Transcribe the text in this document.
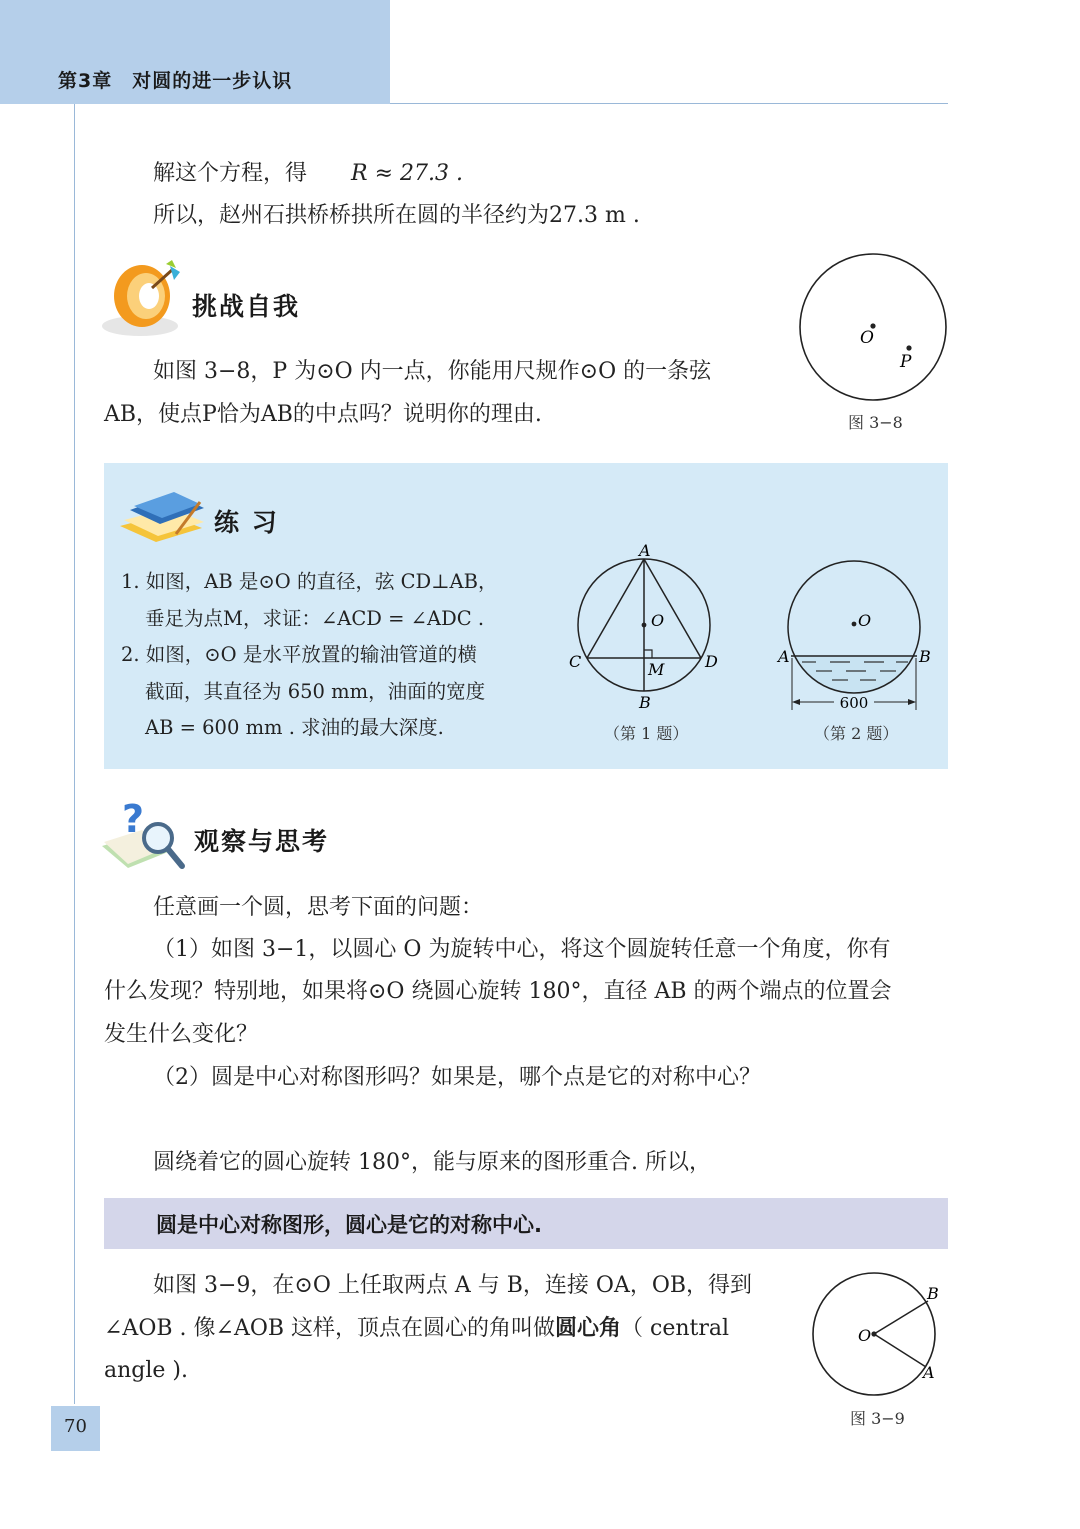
第3章　对圆的进一步认识
解这个方程，得 R ≈ 27.3 .
所以，赵州石拱桥桥拱所在圆的半径约为27.3 m .
挑战自我
如图 3−8，P 为⊙O 内一点，你能用尺规作⊙O 的一条弦
AB，使点P恰为AB的中点吗？说明你的理由.
O
P
图 3−8
练 习
1. 如图，AB 是⊙O 的直径，弦 CD⊥AB，
垂足为点M，求证：∠ACD = ∠ADC .
2. 如图，⊙O 是水平放置的输油管道的横
截面，其直径为 650 mm，油面的宽度
AB = 600 mm . 求油的最大深度.
A
B
C	D
O
M
（第 1 题）
O
A	B
600
（第 2 题）
?
观察与思考
任意画一个圆，思考下面的问题：
（1）如图 3−1，以圆心 O 为旋转中心，将这个圆旋转任意一个角度，你有
什么发现？特别地，如果将⊙O 绕圆心旋转 180°，直径 AB 的两个端点的位置会
发生什么变化？
（2）圆是中心对称图形吗？如果是，哪个点是它的对称中心？
圆绕着它的圆心旋转 180°，能与原来的图形重合. 所以，
圆是中心对称图形，圆心是它的对称中心.
如图 3−9，在⊙O 上任取两点 A 与 B，连接 OA，OB，得到
∠AOB . 像∠AOB 这样，顶点在圆心的角叫做圆心角（ central
angle ).
O
B
A
图 3−9
70
